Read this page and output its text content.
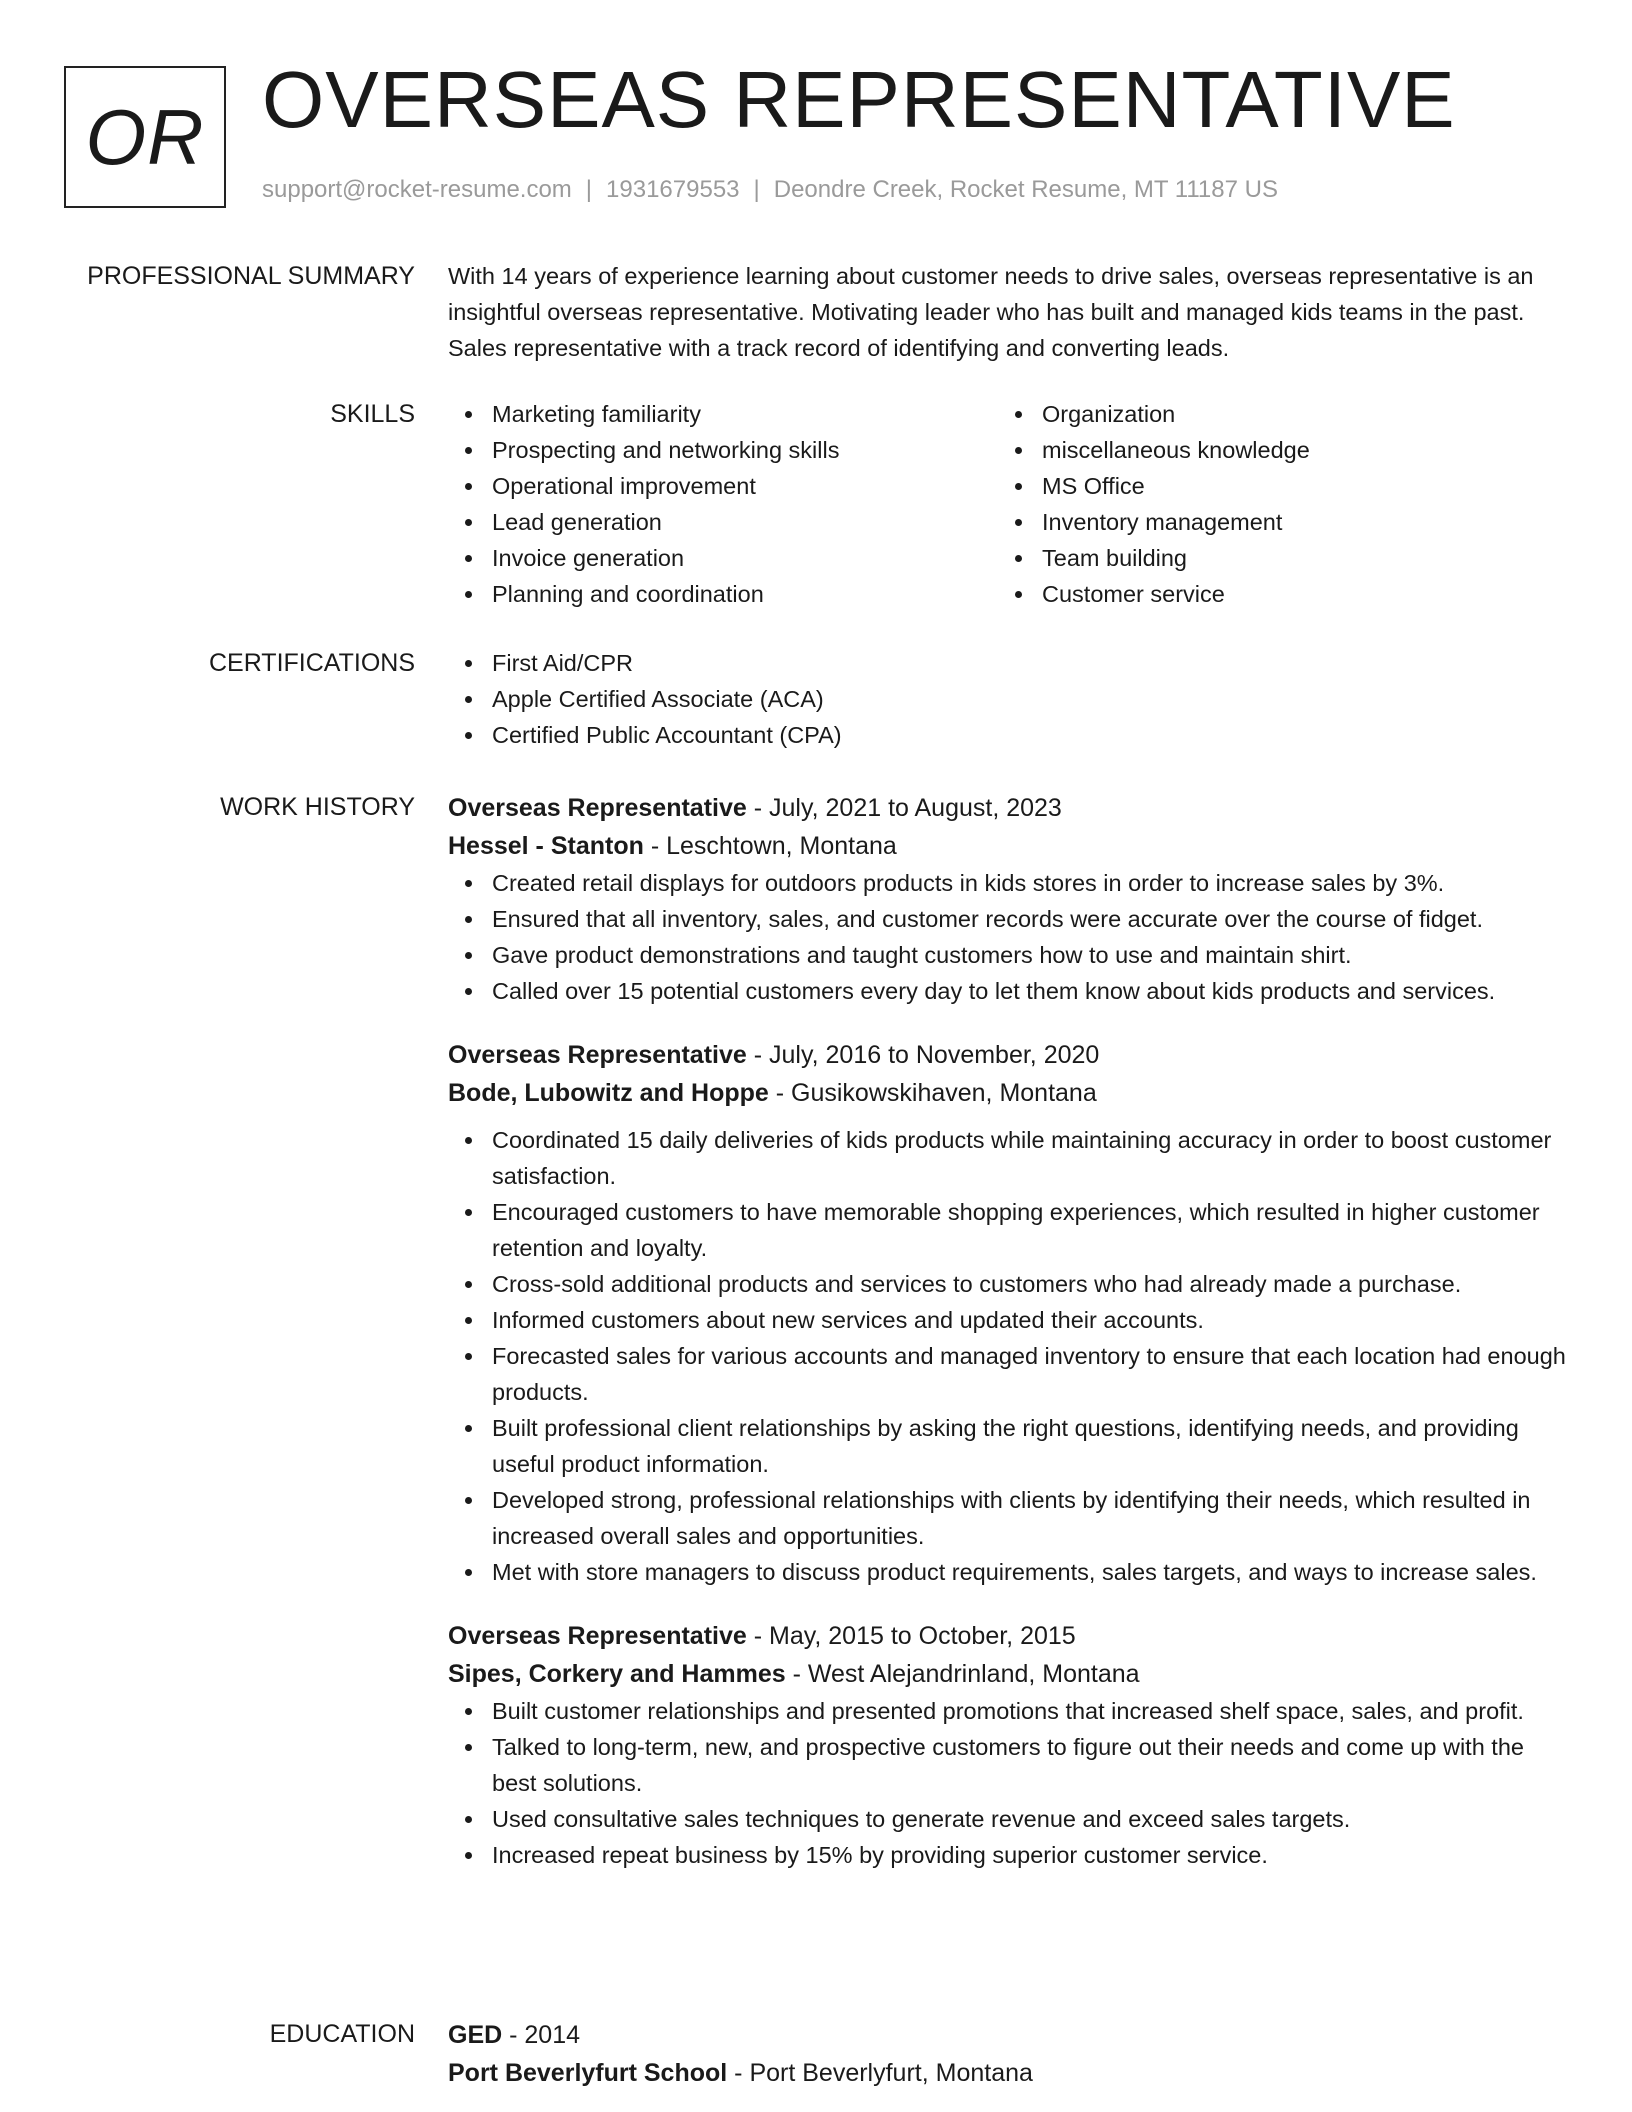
OR OVERSEAS REPRESENTATIVE
support@rocket-resume.com | 1931679553 | Deondre Creek, Rocket Resume, MT 11187 US
PROFESSIONAL SUMMARY With 14 years of experience learning about customer needs to drive sales, overseas representative is an insightful overseas representative. Motivating leader who has built and managed kids teams in the past. Sales representative with a track record of identifying and converting leads.

SKILLS	Marketing familiarity
Prospecting and networking skills
Operational improvement
Lead generation
Invoice generation
Planning and coordination
Organization
miscellaneous knowledge
MS Office
Inventory management
Team building
Customer service
CERTIFICATIONS	First Aid/CPR
Apple Certified Associate (ACA)
Certified Public Accountant (CPA)
WORK HISTORY Overseas Representative - July, 2021 to August, 2023
Hessel - Stanton - Leschtown, Montana
Created retail displays for outdoors products in kids stores in order to increase sales by 3%.
Ensured that all inventory, sales, and customer records were accurate over the course of fidget.
Gave product demonstrations and taught customers how to use and maintain shirt.
Called over 15 potential customers every day to let them know about kids products and services.
Overseas Representative - July, 2016 to November, 2020
Bode, Lubowitz and Hoppe - Gusikowskihaven, Montana
Coordinated 15 daily deliveries of kids products while maintaining accuracy in order to boost customer satisfaction.
Encouraged customers to have memorable shopping experiences, which resulted in higher customer retention and loyalty.
Cross-sold additional products and services to customers who had already made a purchase.
Informed customers about new services and updated their accounts.
Forecasted sales for various accounts and managed inventory to ensure that each location had enough products.
Built professional client relationships by asking the right questions, identifying needs, and providing useful product information.
Developed strong, professional relationships with clients by identifying their needs, which resulted in increased overall sales and opportunities.
Met with store managers to discuss product requirements, sales targets, and ways to increase sales.
Overseas Representative - May, 2015 to October, 2015
Sipes, Corkery and Hammes - West Alejandrinland, Montana
Built customer relationships and presented promotions that increased shelf space, sales, and profit.
Talked to long-term, new, and prospective customers to figure out their needs and come up with the best solutions.
Used consultative sales techniques to generate revenue and exceed sales targets.
Increased repeat business by 15% by providing superior customer service.
EDUCATION GED - 2014
Port Beverlyfurt School - Port Beverlyfurt, Montana
